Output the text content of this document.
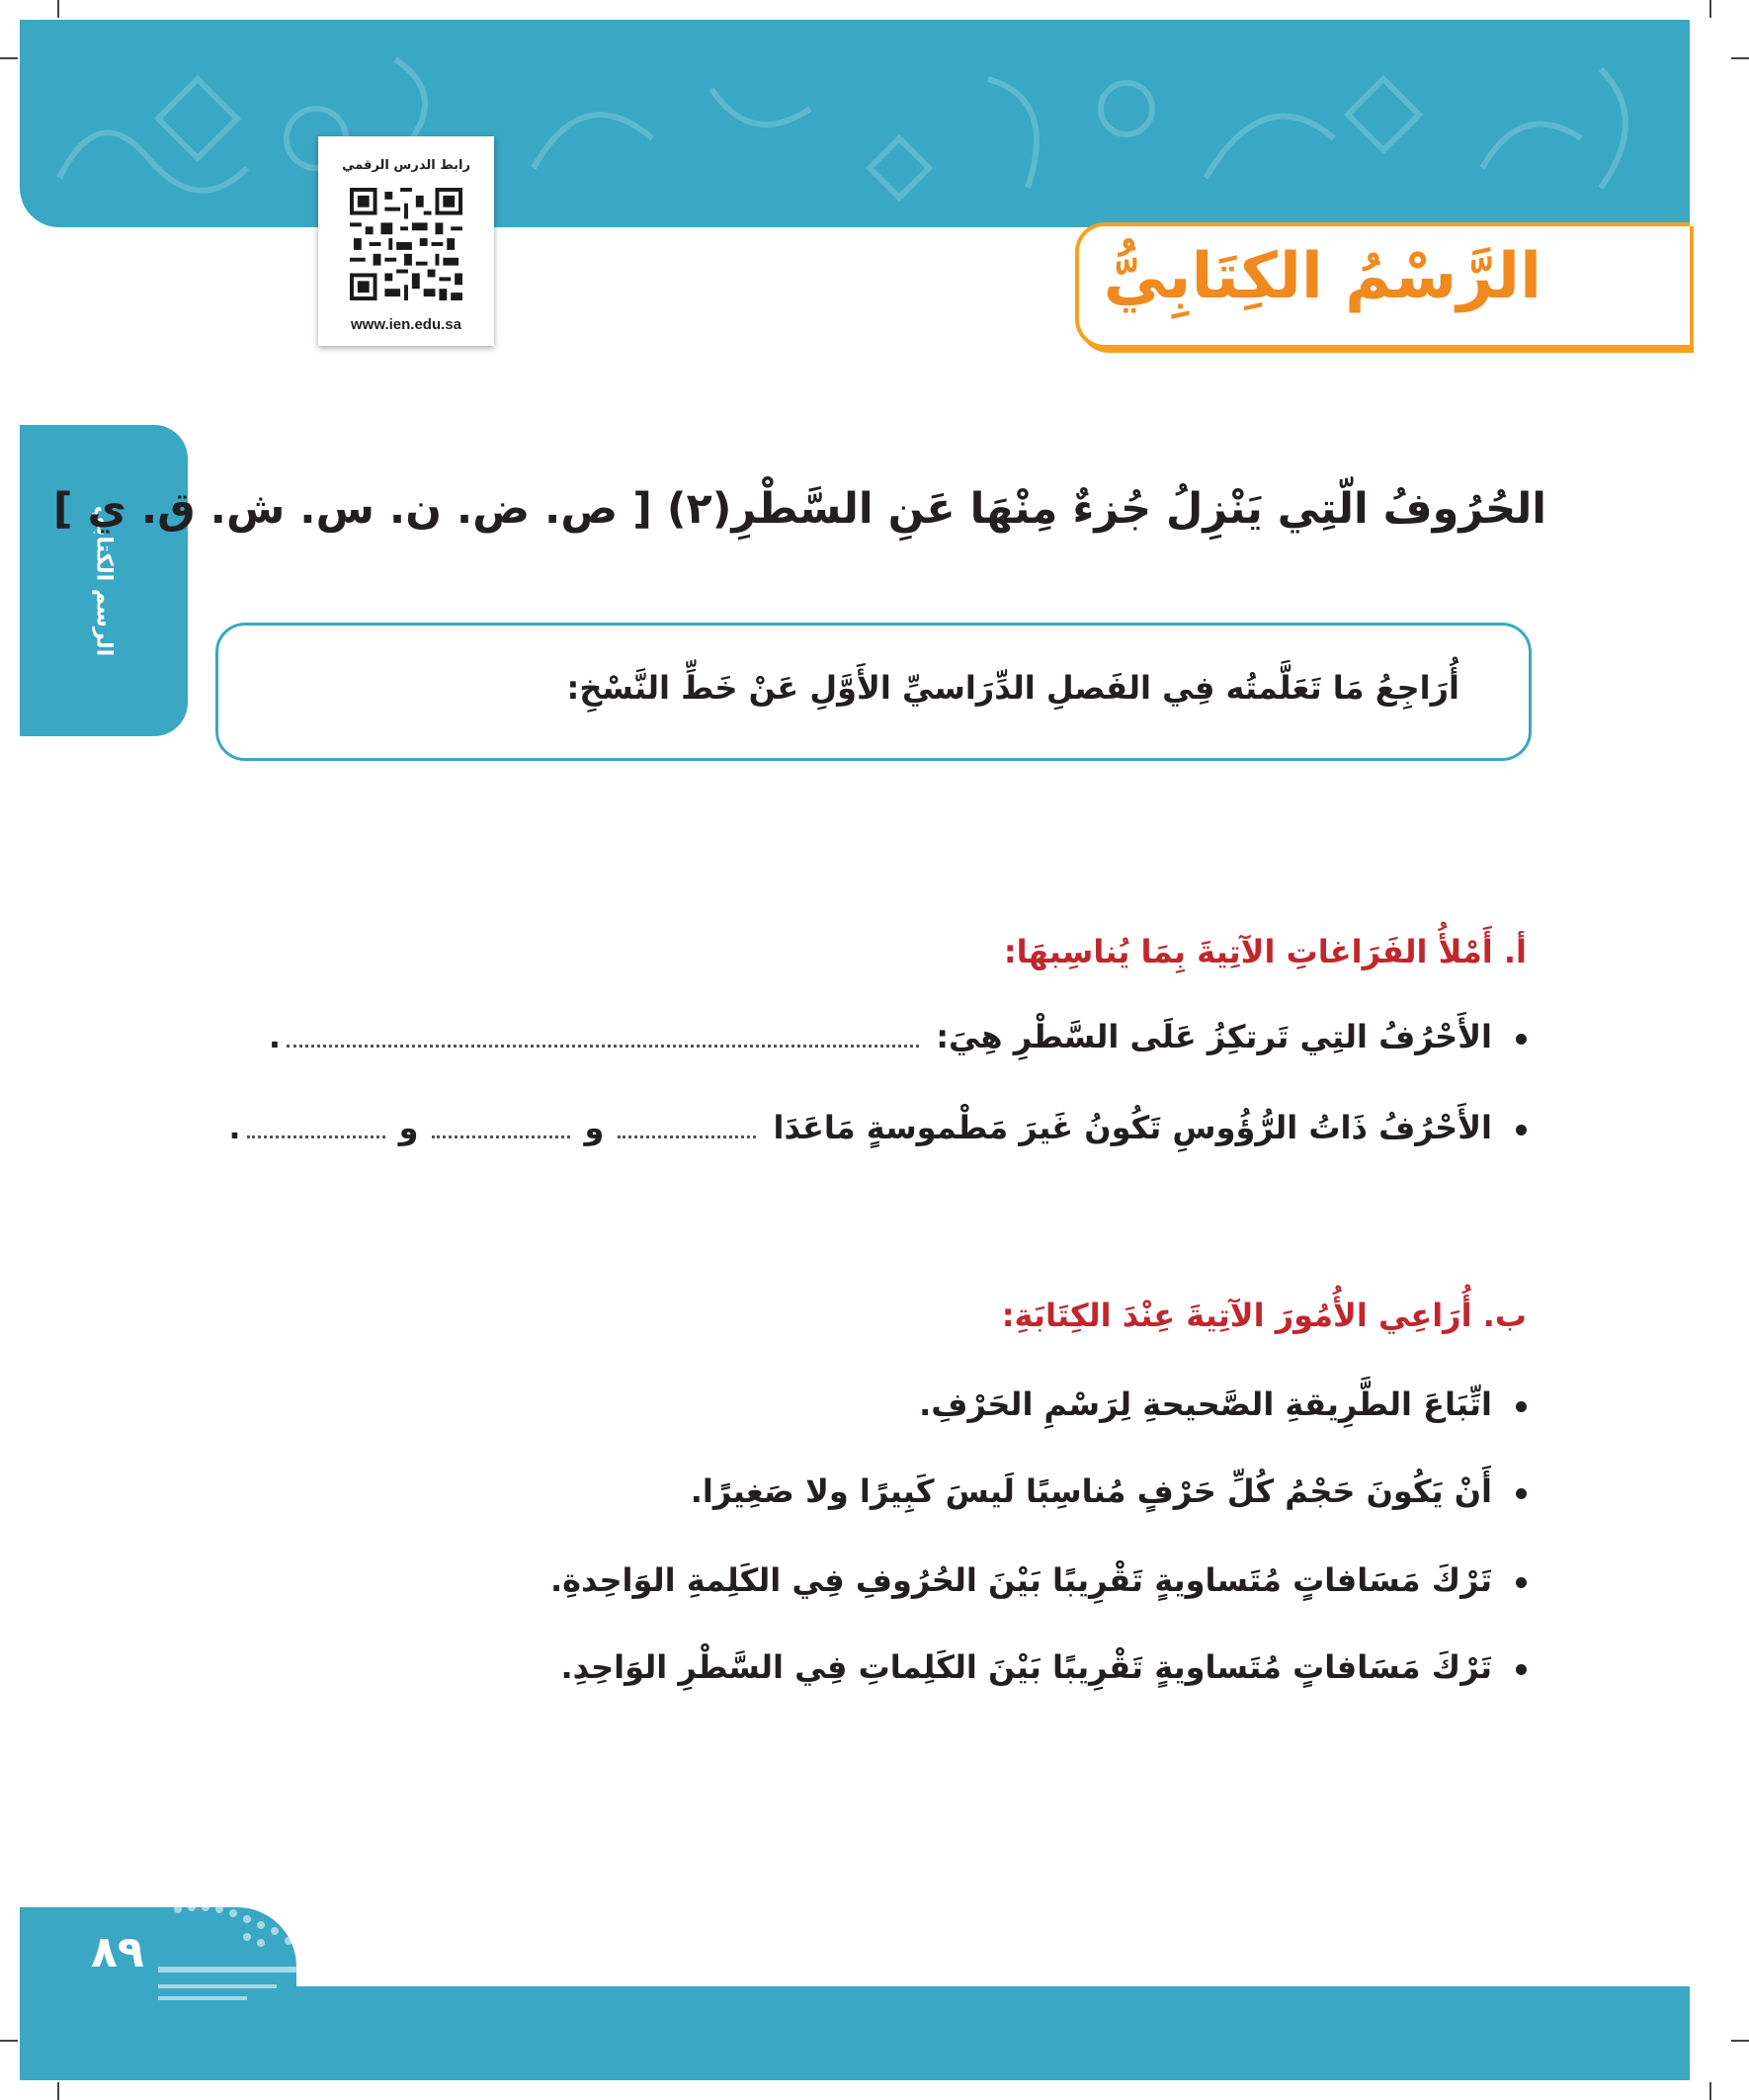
رابط الدرس الرقمي
www.ien.edu.sa
الرَّسْمُ الكِتَابِيُّ
الرسم الكتابي
الحُرُوفُ الّتِي يَنْزِلُ جُزءٌ مِنْهَا عَنِ السَّطْرِ(٢) [ ص. ض. ن. س. ش. ق. ي ]
أُرَاجِعُ مَا تَعَلَّمتُه فِي الفَصلِ الدِّرَاسيِّ الأَوَّلِ عَنْ خَطِّ النَّسْخِ:
أ. أَمْلأُ الفَرَاغاتِ الآتِيةَ بِمَا يُناسِبهَا:
الأَحْرُفُ التِي تَرتكِزُ عَلَى السَّطْرِ هِيَ: .
الأَحْرُفُ ذَاتُ الرُّؤُوسِ تَكُونُ غَيرَ مَطْموسةٍ مَاعَدَا وو.
ب. أُرَاعِي الأُمُورَ الآتِيةَ عِنْدَ الكِتَابَةِ:
اتِّبَاعَ الطَّرِيقةِ الصَّحيحةِ لِرَسْمِ الحَرْفِ.
أَنْ يَكُونَ حَجْمُ كُلِّ حَرْفٍ مُناسِبًا لَيسَ كَبِيرًا ولا صَغِيرًا.
تَرْكَ مَسَافاتٍ مُتَساويةٍ تَقْرِيبًا بَيْنَ الحُرُوفِ فِي الكَلِمةِ الوَاحِدةِ.
تَرْكَ مَسَافاتٍ مُتَساويةٍ تَقْرِيبًا بَيْنَ الكَلِماتِ فِي السَّطْرِ الوَاحِدِ.
٨٩
